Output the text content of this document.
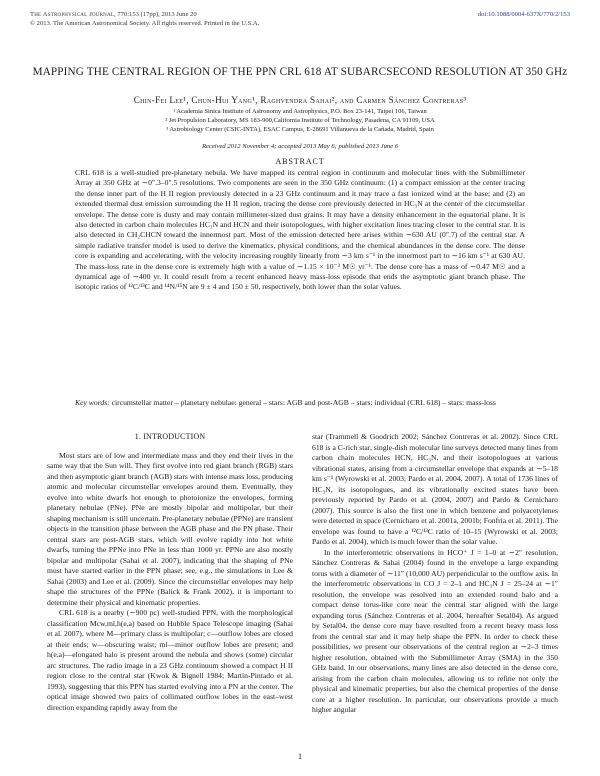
The Astrophysical Journal, 770:153 (17pp), 2013 June 20
© 2013. The American Astronomical Society. All rights reserved. Printed in the U.S.A.
doi:10.1088/0004-637X/770/2/153
MAPPING THE CENTRAL REGION OF THE PPN CRL 618 AT SUBARCSECOND RESOLUTION AT 350 GHz
Chin-Fei Lee¹, Chun-Hui Yang¹, Raghvendra Sahai², and Carmen Sánchez Contreras³
¹ Academia Sinica Institute of Astronomy and Astrophysics, P.O. Box 23-141, Taipei 106, Taiwan
² Jet Propulsion Laboratory, MS 183-900,California Institute of Technology, Pasadena, CA 91109, USA
³ Astrobiology Center (CSIC-INTA), ESAC Campus, E-28691 Villanueva de la Cañada, Madrid, Spain
Received 2012 November 4; accepted 2013 May 6; published 2013 June 6
ABSTRACT
CRL 618 is a well-studied pre-planetary nebula. We have mapped its central region in continuum and molecular lines with the Submillimeter Array at 350 GHz at ∼0″.3–0″.5 resolutions. Two components are seen in the 350 GHz continuum: (1) a compact emission at the center tracing the dense inner part of the H II region previously detected in a 23 GHz continuum and it may trace a fast ionized wind at the base; and (2) an extended thermal dust emission surrounding the H II region, tracing the dense core previously detected in HC₃N at the center of the circumstellar envelope. The dense core is dusty and may contain millimeter-sized dust grains. It may have a density enhancement in the equatorial plane. It is also detected in carbon chain molecules HC₃N and HCN and their isotopologues, with higher excitation lines tracing closer to the central star. It is also detected in CH₂CHCN toward the innermost part. Most of the emission detected here arises within ∼630 AU (0″.7) of the central star. A simple radiative transfer model is used to derive the kinematics, physical conditions, and the chemical abundances in the dense core. The dense core is expanding and accelerating, with the velocity increasing roughly linearly from ∼3 km s⁻¹ in the innermost part to ∼16 km s⁻¹ at 630 AU. The mass-loss rate in the dense core is extremely high with a value of ∼1.15 × 10⁻³ M☉ yr⁻¹. The dense core has a mass of ∼0.47 M☉ and a dynamical age of ∼400 yr. It could result from a recent enhanced heavy mass-loss episode that ends the asymptotic giant branch phase. The isotopic ratios of ¹²C/¹³C and ¹⁴N/¹⁵N are 9 ± 4 and 150 ± 50, respectively, both lower than the solar values.
Key words: circumstellar matter – planetary nebulae: general – stars: AGB and post-AGB – stars: individual (CRL 618) – stars: mass-loss
1. INTRODUCTION

Most stars are of low and intermediate mass and they end their lives in the same way that the Sun will. They first evolve into red giant branch (RGB) stars and then asymptotic giant branch (AGB) stars with intense mass loss, producing atomic and molecular circumstellar envelopes around them. Eventually, they evolve into white dwarfs hot enough to photoionize the envelopes, forming planetary nebulae (PNe). PNe are mostly bipolar and multipolar, but their shaping mechanism is still uncertain. Pre-planetary nebulae (PPNe) are transient objects in the transition phase between the AGB phase and the PN phase. Their central stars are post-AGB stars, which will evolve rapidly into hot white dwarfs, turning the PPNe into PNe in less than 1000 yr. PPNe are also mostly bipolar and multipolar (Sahai et al. 2007), indicating that the shaping of PNe must have started earlier in the PPN phase; see, e.g., the simulations in Lee & Sahai (2003) and Lee et al. (2009). Since the circumstellar envelopes may help shape the structures of the PPNe (Balick & Frank 2002), it is important to determine their physical and kinematic properties.

CRL 618 is a nearby (∼900 pc) well-studied PPN, with the morphological classification Mcw,ml,h(e,a) based on Hubble Space Telescope imaging (Sahai et al. 2007), where M—primary class is multipolar; c—outflow lobes are closed at their ends; w—obscuring waist; ml—minor outflow lobes are present; and h(e,a)—elongated halo is present around the nebula and shows (some) circular arc structures. The radio image in a 23 GHz continuum showed a compact H II region close to the central star (Kwok & Bignell 1984; Martín-Pintado et al. 1993), suggesting that this PPN has started evolving into a PN at the center. The optical image showed two pairs of collimated outflow lobes in the east–west direction expanding rapidly away from the

star (Trammell & Goodrich 2002; Sánchez Contreras et al. 2002). Since CRL 618 is a C-rich star, single-dish molecular line surveys detected many lines from carbon chain molecules HCN, HC₃N, and their isotopologues at various vibrational states, arising from a circumstellar envelope that expands at ∼5–18 km s⁻¹ (Wyrowski et al. 2003; Pardo et al. 2004, 2007). A total of 1736 lines of HC₃N, its isotopologues, and its vibrationally excited states have been previously reported by Pardo et al. (2004, 2007) and Pardo & Cernicharo (2007). This source is also the first one in which benzene and polyacetylenes were detected in space (Cernicharo et al. 2001a, 2001b; Fonfría et al. 2011). The envelope was found to have a ¹²C/¹³C ratio of 10–15 (Wyrowski et al. 2003; Pardo et al. 2004), which is much lower than the solar value.

In the interferometric observations in HCO⁺ J = 1–0 at ∼2″ resolution, Sánchez Contreras & Sahai (2004) found in the envelope a large expanding torus with a diameter of ∼11″ (10,000 AU) perpendicular to the outflow axis. In the interferometric observations in CO J = 2–1 and HC₃N J = 25–24 at ∼1″ resolution, the envelope was resolved into an extended round halo and a compact dense torus-like core near the central star aligned with the large expanding torus (Sánchez Contreras et al. 2004, hereafter Setal04). As argued by Setal04, the dense core may have resulted from a recent heavy mass loss from the central star and it may help shape the PPN. In order to check these possibilities, we present our observations of the central region at ∼2–3 times higher resolution, obtained with the Submillimeter Array (SMA) in the 350 GHz band. In our observations, many lines are also detected in the dense core, arising from the carbon chain molecules, allowing us to refine not only the physical and kinematic properties, but also the chemical properties of the dense core at a higher resolution. In particular, our observations provide a much higher angular

1
